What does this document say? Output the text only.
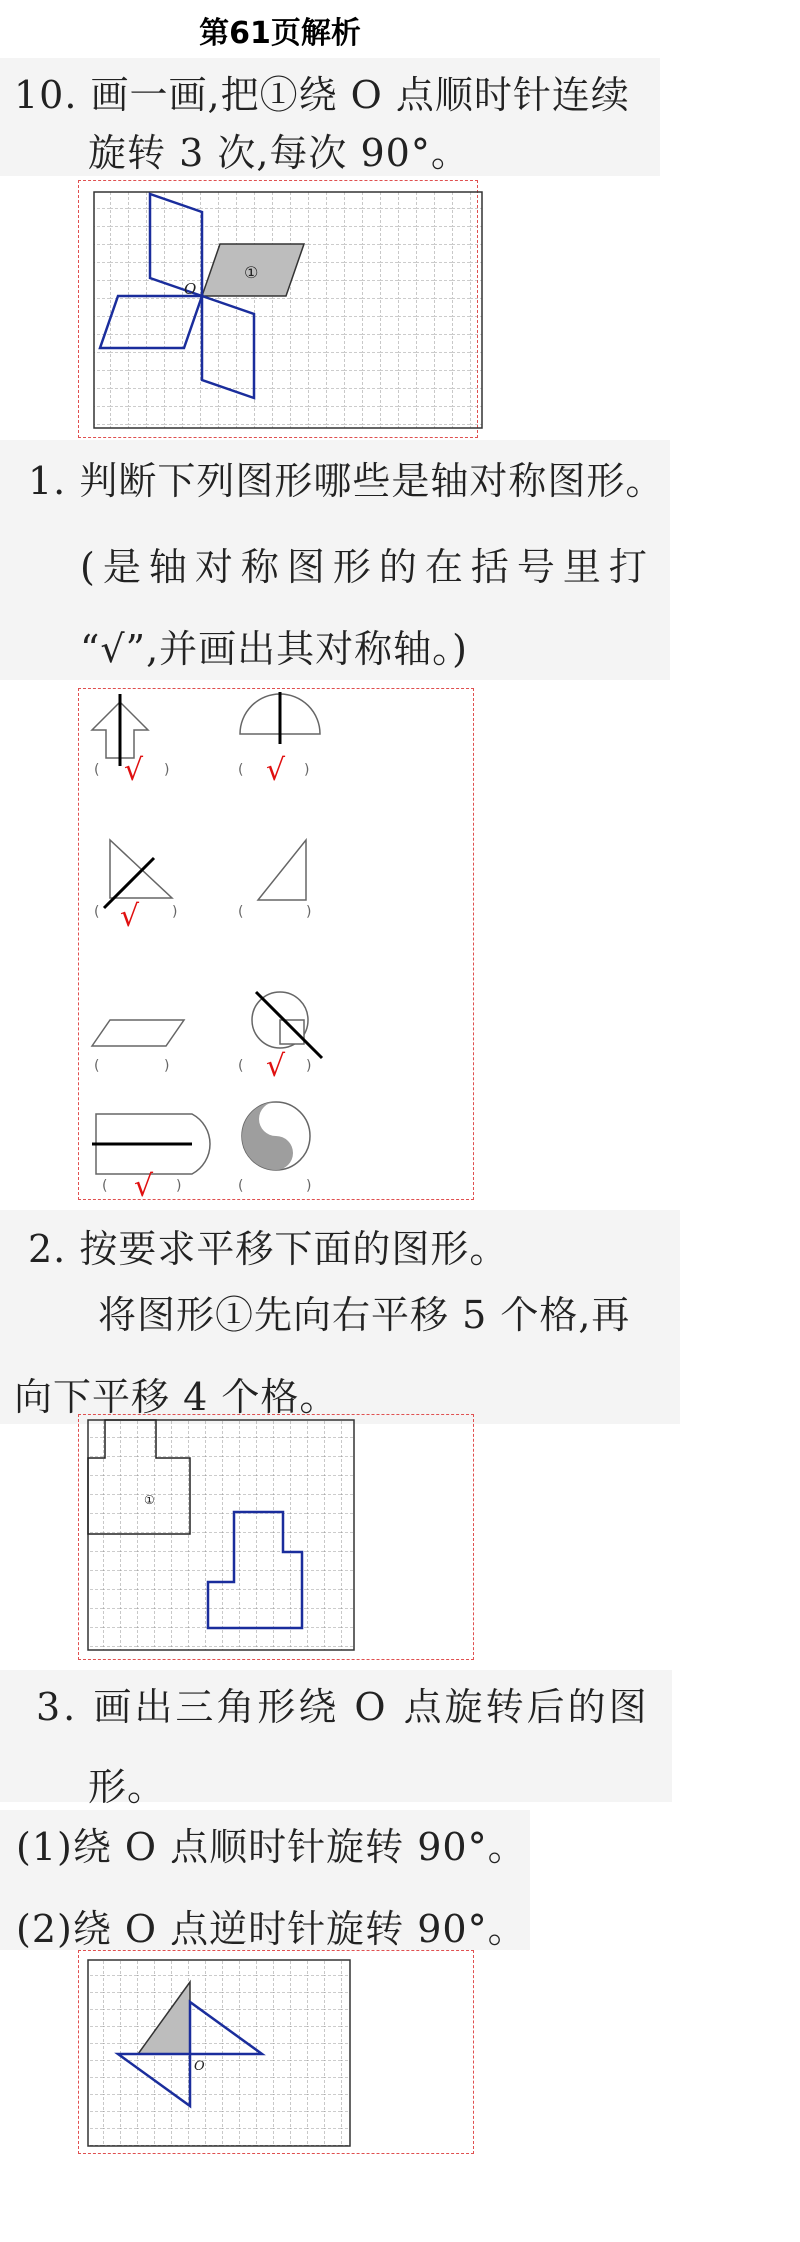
第61页解析
10. 画一画,把①绕 O 点顺时针连续
旋转 3 次,每次 90°。
①
O
1. 判断下列图形哪些是轴对称图形。
(是轴对称图形的在括号里打
“√”,并画出其对称轴。)
(	)
√	(	)
√
(	)
√	(	)
(	)	(	)
√
(	)
√	(	)
2. 按要求平移下面的图形。
将图形①先向右平移 5 个格,再
向下平移 4 个格。
①
3. 画出三角形绕 O 点旋转后的图
形。
(1)绕 O 点顺时针旋转 90°。
(2)绕 O 点逆时针旋转 90°。
O
